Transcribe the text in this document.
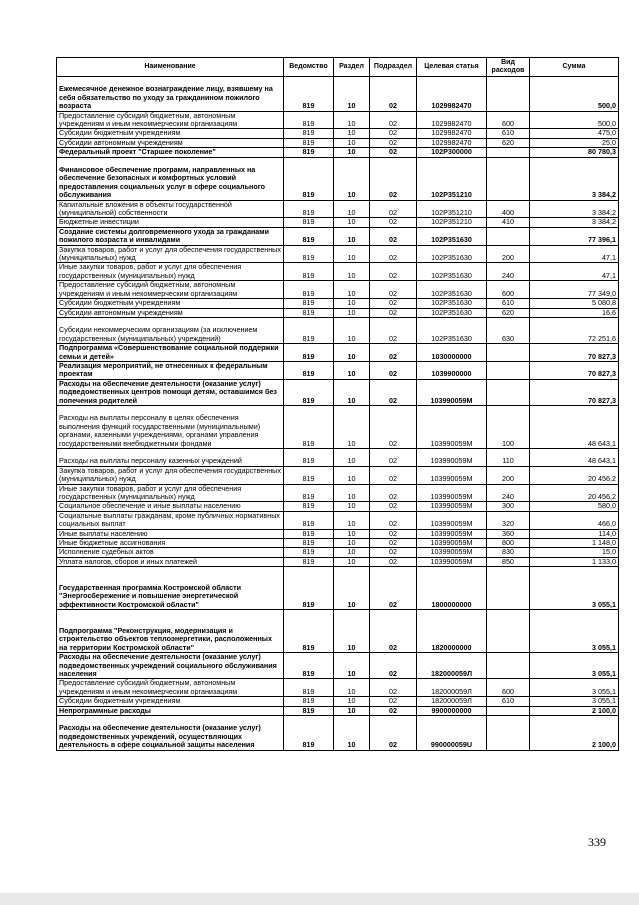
Наименование	Ведомство	Раздел	Подраздел	Целевая статья	Вид расходов	Сумма
Ежемесячное денежное вознаграждение лицу, взявшему на себя обязательство по уходу за гражданином пожилого возраста	819	10	02	1029982470		500,0
Предоставление субсидий бюджетным, автономным учреждениям и иным некоммерческим организациям	819	10	02	1029982470	600	500,0
Субсидии бюджетным учреждениям	819	10	02	1029982470	610	475,0
Субсидии автономным учреждениям	819	10	02	1029982470	620	25,0
Федеральный проект "Старшее поколение"	819	10	02	102P300000		80 780,3
Финансовое обеспечение программ, направленных на обеспечение безопасных и комфортных условий предоставления социальных услуг в сфере социального обслуживания	819	10	02	102P351210		3 384,2
Капитальные вложения в объекты государственной (муниципальной) собственности	819	10	02	102P351210	400	3 384,2
Бюджетные инвестиции	819	10	02	102P351210	410	3 384,2
Создание системы долговременного ухода за гражданами пожилого возраста и инвалидами	819	10	02	102P351630		77 396,1
Закупка товаров, работ и услуг для обеспечения государственных (муниципальных) нужд	819	10	02	102P351630	200	47,1
Иные закупки товаров, работ и услуг для обеспечения государственных (муниципальных) нужд	819	10	02	102P351630	240	47,1
Предоставление субсидий бюджетным, автономным учреждениям и иным некоммерческим организациям	819	10	02	102P351630	600	77 349,0
Субсидии бюджетным учреждениям	819	10	02	102P351630	610	5 080,8
Субсидии автономным учреждениям	819	10	02	102P351630	620	16,6
Субсидии некоммерческим организациям (за исключением государственных (муниципальных) учреждений)	819	10	02	102P351630	630	72 251,6
Подпрограмма «Совершенствование социальной поддержки семьи и детей»	819	10	02	1030000000		70 827,3
Реализация мероприятий, не отнесенных к федеральным проектам	819	10	02	1039900000		70 827,3
Расходы на обеспечение деятельности (оказание услуг) подведомственных центров помощи детям, оставшимся без попечения родителей	819	10	02	103990059М		70 827,3
Расходы на выплаты персоналу в целях обеспечения выполнения функций государственными (муниципальными) органами, казенными учреждениями, органами управления государственными внебюджетными фондами	819	10	02	103990059М	100	48 643,1
Расходы на выплаты персоналу казенных учреждений	819	10	02	103990059М	110	48 643,1
Закупка товаров, работ и услуг для обеспечения государственных (муниципальных) нужд	819	10	02	103990059М	200	20 456,2
Иные закупки товаров, работ и услуг для обеспечения государственных (муниципальных) нужд	819	10	02	103990059М	240	20 456,2
Социальное обеспечение и иные выплаты населению	819	10	02	103990059М	300	580,0
Социальные выплаты гражданам, кроме публичных нормативных социальных выплат	819	10	02	103990059М	320	466,0
Иные выплаты населению	819	10	02	103990059М	360	114,0
Иные бюджетные ассигнования	819	10	02	103990059М	800	1 148,0
Исполнение судебных актов	819	10	02	103990059М	830	15,0
Уплата налогов, сборов и иных платежей	819	10	02	103990059М	850	1 133,0
Государственная программа Костромской области "Энергосбережение и повышение энергетической эффективности Костромской области"	819	10	02	1800000000		3 055,1
Подпрограмма "Реконструкция, модернизация и строительство объектов теплоэнергетики, расположенных на территории Костромской области"	819	10	02	1820000000		3 055,1
Расходы на обеспечение деятельности (оказание услуг) подведомственных учреждений социального обслуживания населения	819	10	02	182000059Л		3 055,1
Предоставление субсидий бюджетным, автономным учреждениям и иным некоммерческим организациям	819	10	02	182000059Л	600	3 055,1
Субсидии бюджетным учреждениям	819	10	02	182000059Л	610	3 055,1
Непрограммные расходы	819	10	02	9900000000		2 100,0
Расходы на обеспечение деятельности (оказание услуг) подведомственных учреждений, осуществляющих деятельность в сфере социальной защиты населения	819	10	02	990000059U		2 100,0
339
